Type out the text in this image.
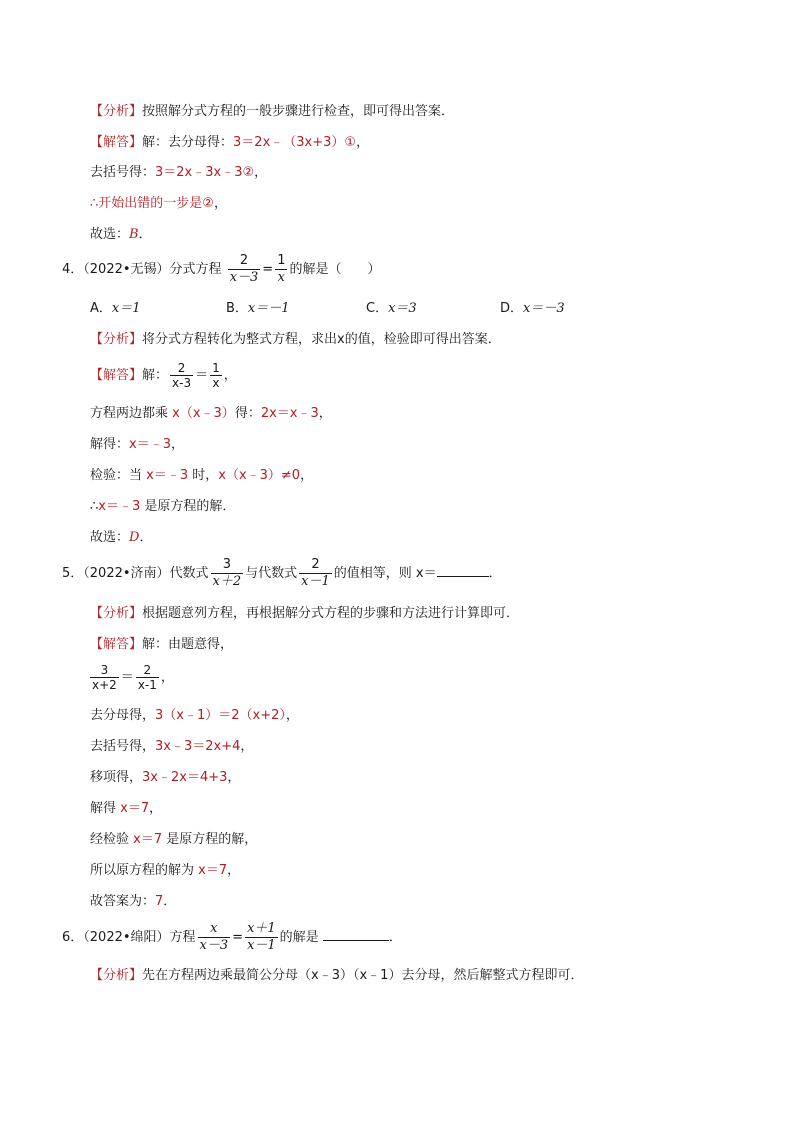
【分析】按照解分式方程的一般步骤进行检查，即可得出答案．
【解答】解：去分母得：3＝2x﹣（3x+3）①，
去括号得：3＝2x﹣3x﹣3②，
∴开始出错的一步是②，
故选：B．
4．（2022•无锡）分式方程 $\frac{2}{x-3} = \frac{1}{x}$ 的解是（　　）
A．x＝1	B．x＝－1	C．x＝3	D．x＝－3
【分析】将分式方程转化为整式方程，求出x的值，检验即可得出答案．
【解答】解： $\frac{2}{x-3} = \frac{1}{x}$ ，
方程两边都乘 x（x﹣3）得：2x＝x﹣3，
解得：x＝﹣3，
检验：当 x＝﹣3 时，x（x﹣3）≠0，
∴x＝﹣3 是原方程的解．
故选：D．
5．（2022•济南）代数式 $\frac{3}{x+2}$ 与代数式 $\frac{2}{x-1}$ 的值相等，则 x＝	．
【分析】根据题意列方程，再根据解分式方程的步骤和方法进行计算即可．
【解答】解：由题意得，
$\frac{3}{x+2} = \frac{2}{x-1}$ ，
去分母得，3（x﹣1）＝2（x+2），
去括号得，3x﹣3＝2x+4，
移项得，3x﹣2x＝4+3，
解得 x＝7，
经检验 x＝7 是原方程的解，
所以原方程的解为 x＝7，
故答案为：7．
6．（2022•绵阳）方程 $\frac{x}{x-3} = \frac{x+1}{x-1}$ 的解是	．
【分析】先在方程两边乘最简公分母（x﹣3）（x﹣1）去分母，然后解整式方程即可．
